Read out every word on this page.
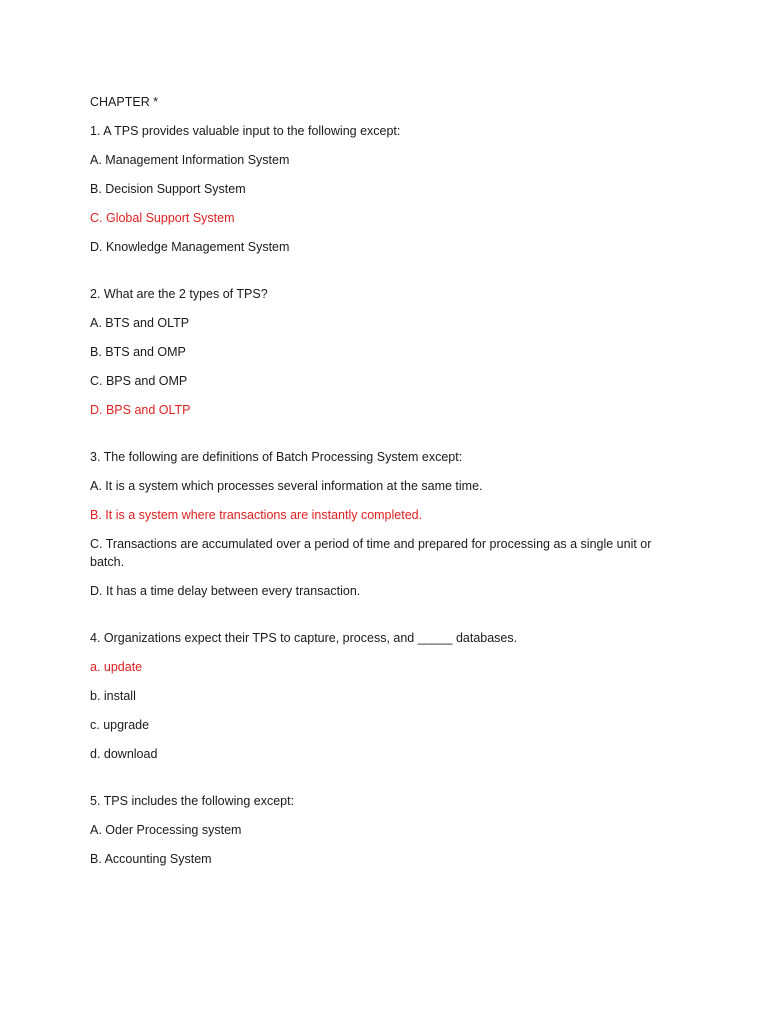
CHAPTER *
1. A TPS provides valuable input to the following except:
A. Management Information System
B. Decision Support System
C. Global Support System
D. Knowledge Management System
2. What are the 2 types of TPS?
A. BTS and OLTP
B. BTS and OMP
C. BPS and OMP
D. BPS and OLTP
3. The following are definitions of Batch Processing System except:
A. It is a system which processes several information at the same time.
B. It is a system where transactions are instantly completed.
C. Transactions are accumulated over a period of time and prepared for processing as a single unit or batch.
D. It has a time delay between every transaction.
4. Organizations expect their TPS to capture, process, and _____ databases.
a. update
b. install
c. upgrade
d. download
5. TPS includes the following except:
A. Oder Processing system
B. Accounting System
